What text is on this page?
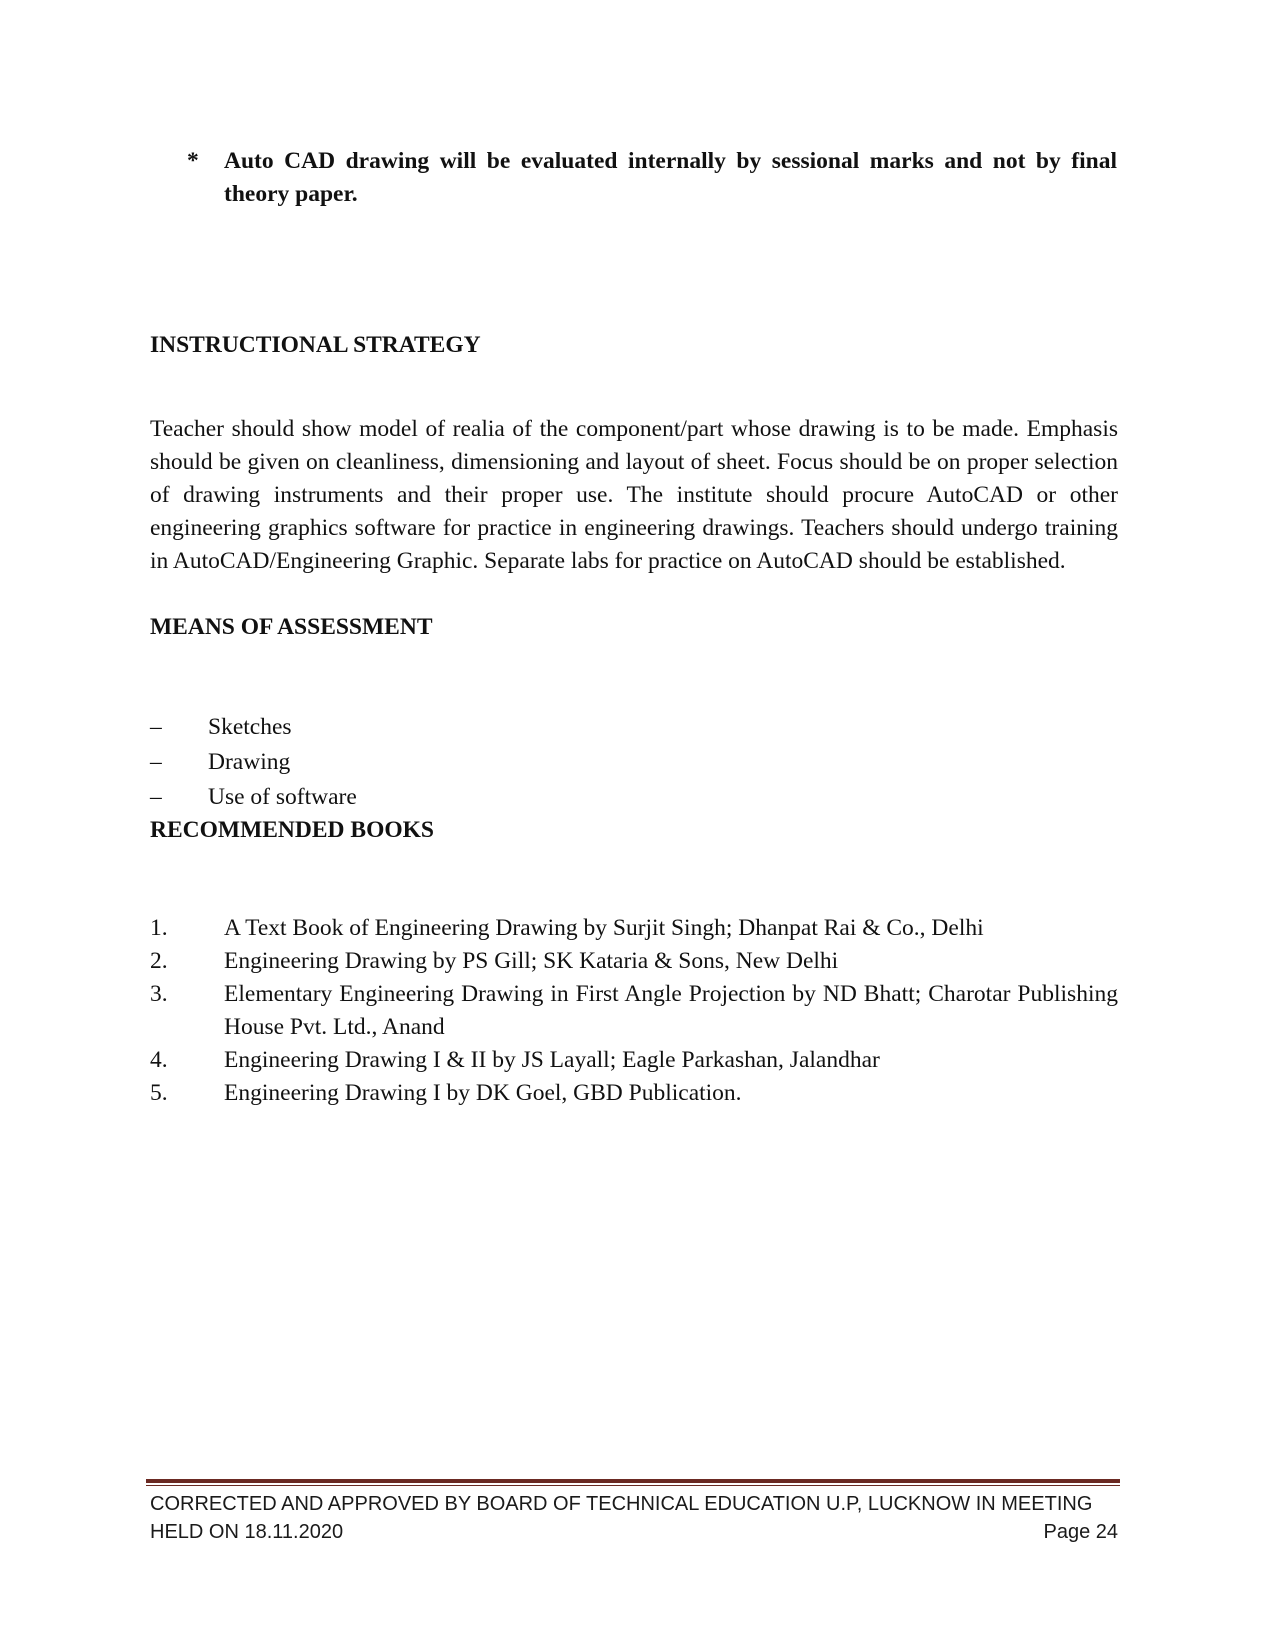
* Auto CAD drawing will be evaluated internally by sessional marks and not by final theory paper.
INSTRUCTIONAL STRATEGY
Teacher should show model of realia of the component/part whose drawing is to be made. Emphasis should be given on cleanliness, dimensioning and layout of sheet. Focus should be on proper selection of drawing instruments and their proper use. The institute should procure AutoCAD or other engineering graphics software for practice in engineering drawings. Teachers should undergo training in AutoCAD/Engineering Graphic. Separate labs for practice on AutoCAD should be established.
MEANS OF ASSESSMENT
– Sketches
– Drawing
– Use of software
RECOMMENDED BOOKS
1. A Text Book of Engineering Drawing by Surjit Singh; Dhanpat Rai & Co., Delhi
2. Engineering Drawing by PS Gill; SK Kataria & Sons, New Delhi
3. Elementary Engineering Drawing in First Angle Projection by ND Bhatt; Charotar Publishing House Pvt. Ltd., Anand
4. Engineering Drawing I & II by JS Layall; Eagle Parkashan, Jalandhar
5. Engineering Drawing I by DK Goel, GBD Publication.
CORRECTED AND APPROVED BY BOARD OF TECHNICAL EDUCATION U.P, LUCKNOW IN MEETING
HELD ON 18.11.2020	Page 24
